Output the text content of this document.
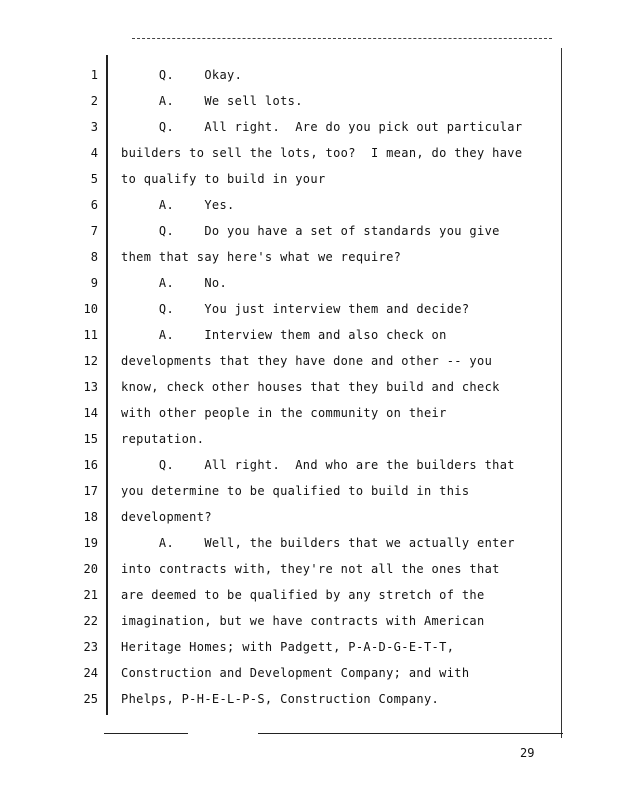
1 Q.    Okay.
2 A.    We sell lots.
3 Q.    All right.  Are do you pick out particular
4 builders to sell the lots, too?  I mean, do they have
5 to qualify to build in your
6 A.    Yes.
7 Q.    Do you have a set of standards you give
8 them that say here's what we require?
9 A.    No.
10 Q.    You just interview them and decide?
11 A.    Interview them and also check on
12 developments that they have done and other -- you
13 know, check other houses that they build and check
14 with other people in the community on their
15 reputation.
16 Q.    All right.  And who are the builders that
17 you determine to be qualified to build in this
18 development?
19 A.    Well, the builders that we actually enter
20 into contracts with, they're not all the ones that
21 are deemed to be qualified by any stretch of the
22 imagination, but we have contracts with American
23 Heritage Homes; with Padgett, P-A-D-G-E-T-T,
24 Construction and Development Company; and with
25 Phelps, P-H-E-L-P-S, Construction Company.
29
